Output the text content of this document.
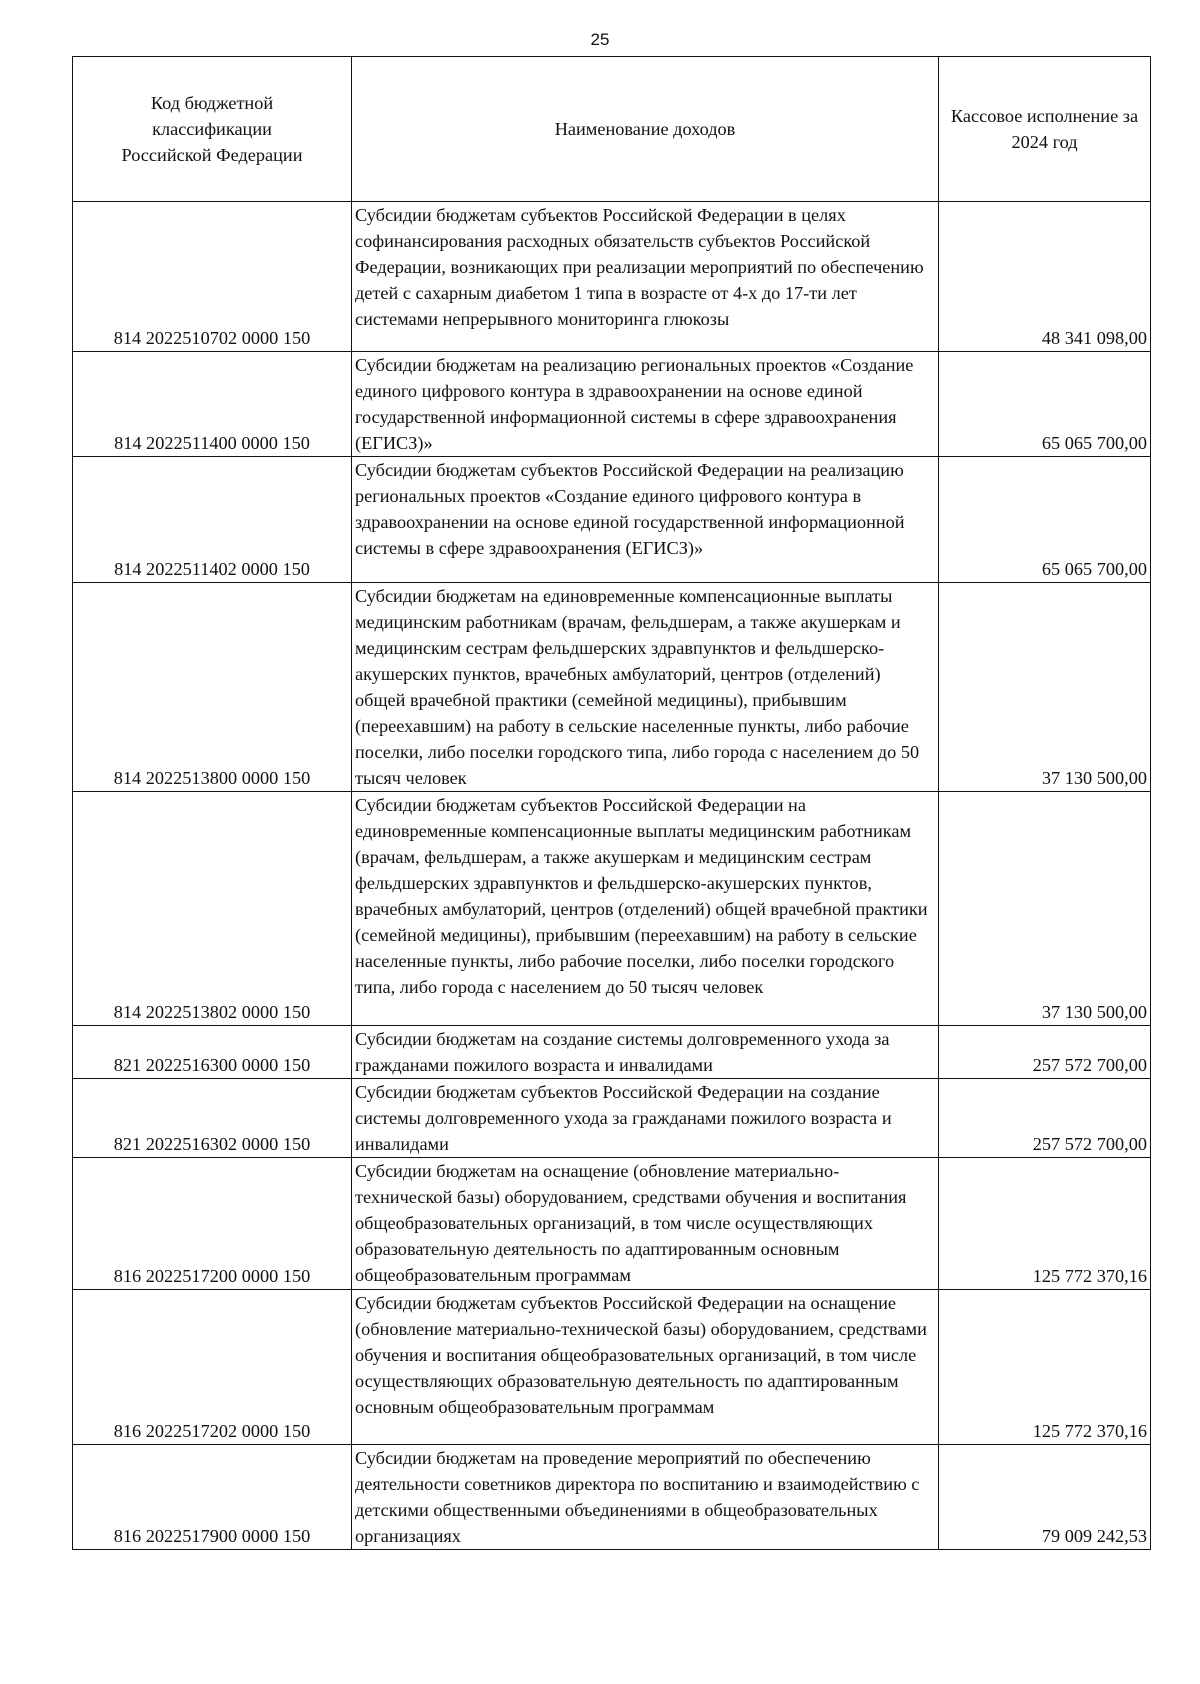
25
Код бюджетной классификации Российской Федерации	Наименование доходов	Кассовое исполнение за 2024 год
814 2022510702 0000 150	Субсидии бюджетам субъектов Российской Федерации в целях софинансирования расходных обязательств субъектов Российской Федерации, возникающих при реализации мероприятий по обеспечению детей с сахарным диабетом 1 типа в возрасте от 4-х до 17-ти лет системами непрерывного мониторинга глюкозы	48 341 098,00
814 2022511400 0000 150	Субсидии бюджетам на реализацию региональных проектов «Создание единого цифрового контура в здравоохранении на основе единой государственной информационной системы в сфере здравоохранения (ЕГИСЗ)»	65 065 700,00
814 2022511402 0000 150	Субсидии бюджетам субъектов Российской Федерации на реализацию региональных проектов «Создание единого цифрового контура в здравоохранении на основе единой государственной информационной системы в сфере здравоохранения (ЕГИСЗ)»	65 065 700,00
814 2022513800 0000 150	Субсидии бюджетам на единовременные компенсационные выплаты медицинским работникам (врачам, фельдшерам, а также акушеркам и медицинским сестрам фельдшерских здравпунктов и фельдшерско-акушерских пунктов, врачебных амбулаторий, центров (отделений) общей врачебной практики (семейной медицины), прибывшим (переехавшим) на работу в сельские населенные пункты, либо рабочие поселки, либо поселки городского типа, либо города с населением до 50 тысяч человек	37 130 500,00
814 2022513802 0000 150	Субсидии бюджетам субъектов Российской Федерации на единовременные компенсационные выплаты медицинским работникам (врачам, фельдшерам, а также акушеркам и медицинским сестрам фельдшерских здравпунктов и фельдшерско-акушерских пунктов, врачебных амбулаторий, центров (отделений) общей врачебной практики (семейной медицины), прибывшим (переехавшим) на работу в сельские населенные пункты, либо рабочие поселки, либо поселки городского типа, либо города с населением до 50 тысяч человек	37 130 500,00
821 2022516300 0000 150	Субсидии бюджетам на создание системы долговременного ухода за гражданами пожилого возраста и инвалидами	257 572 700,00
821 2022516302 0000 150	Субсидии бюджетам субъектов Российской Федерации на создание системы долговременного ухода за гражданами пожилого возраста и инвалидами	257 572 700,00
816 2022517200 0000 150	Субсидии бюджетам на оснащение (обновление материально-технической базы) оборудованием, средствами обучения и воспитания общеобразовательных организаций, в том числе осуществляющих образовательную деятельность по адаптированным основным общеобразовательным программам	125 772 370,16
816 2022517202 0000 150	Субсидии бюджетам субъектов Российской Федерации на оснащение (обновление материально-технической базы) оборудованием, средствами обучения и воспитания общеобразовательных организаций, в том числе осуществляющих образовательную деятельность по адаптированным основным общеобразовательным программам	125 772 370,16
816 2022517900 0000 150	Субсидии бюджетам на проведение мероприятий по обеспечению деятельности советников директора по воспитанию и взаимодействию с детскими общественными объединениями в общеобразовательных организациях	79 009 242,53
